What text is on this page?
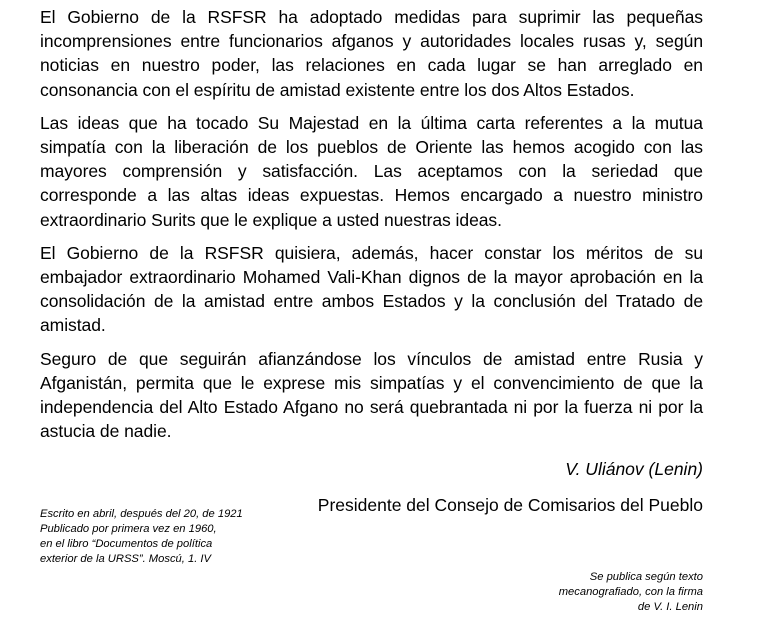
El Gobierno de la RSFSR ha adoptado medidas para suprimir las pequeñas incomprensiones entre funcionarios afganos y autoridades locales rusas y, según noticias en nuestro poder, las relaciones en cada lugar se han arreglado en consonancia con el espíritu de amistad existente entre los dos Altos Estados.

Las ideas que ha tocado Su Majestad en la última carta referentes a la mutua simpatía con la liberación de los pueblos de Oriente las hemos acogido con las mayores comprensión y satisfacción. Las aceptamos con la seriedad que corresponde a las altas ideas expuestas. Hemos encargado a nuestro ministro extraordinario Surits que le explique a usted nuestras ideas.

El Gobierno de la RSFSR quisiera, además, hacer constar los méritos de su embajador extraordinario Mohamed Vali-Khan dignos de la mayor aprobación en la consolidación de la amistad entre ambos Estados y la conclusión del Tratado de amistad.

Seguro de que seguirán afianzándose los vínculos de amistad entre Rusia y Afganistán, permita que le exprese mis simpatías y el convencimiento de que la independencia del Alto Estado Afgano no será quebrantada ni por la fuerza ni por la astucia de nadie.

V. Uliánov (Lenin)
Presidente del Consejo de Comisarios del Pueblo
Escrito en abril, después del 20, de 1921
Publicado por primera vez en 1960,
en el libro “Documentos de política
exterior de la URSS”. Moscú, 1. IV
Se publica según texto
mecanografiado, con la firma
de V. I. Lenin
